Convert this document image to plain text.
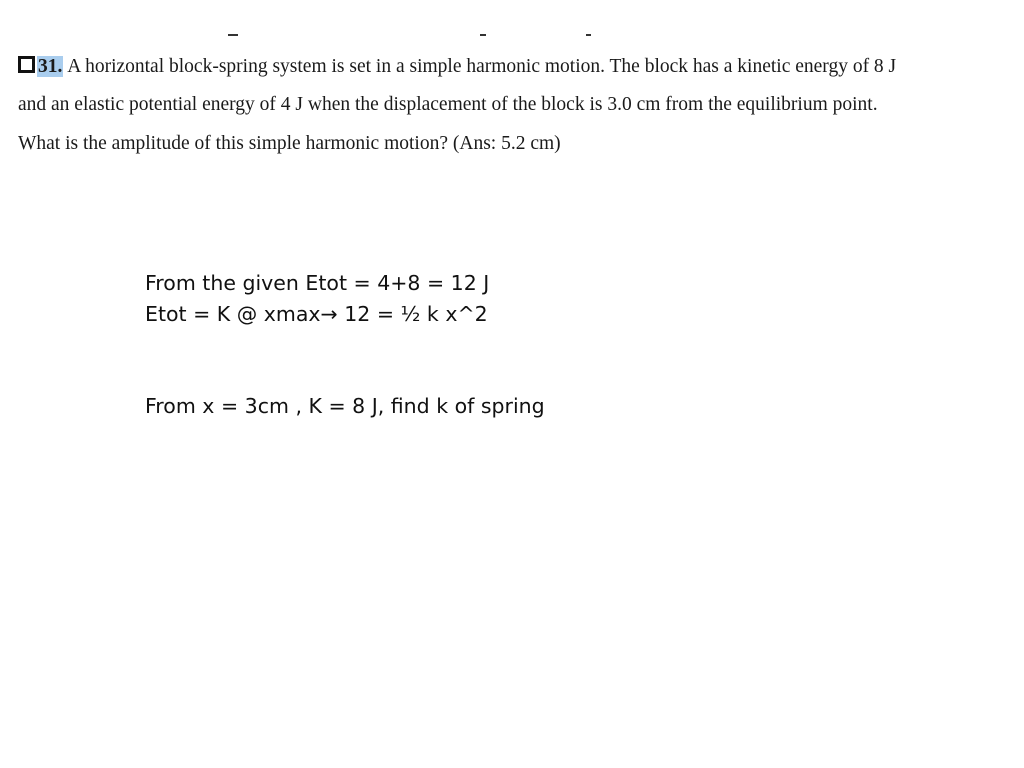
31. A horizontal block-spring system is set in a simple harmonic motion. The block has a kinetic energy of 8 J
and an elastic potential energy of 4 J when the displacement of the block is 3.0 cm from the equilibrium point.
What is the amplitude of this simple harmonic motion? (Ans: 5.2 cm)
From the given Etot = 4+8 = 12 J
Etot = K @ xmax→ 12 = ½ k x^2
From x = 3cm , K = 8 J, find k of spring
